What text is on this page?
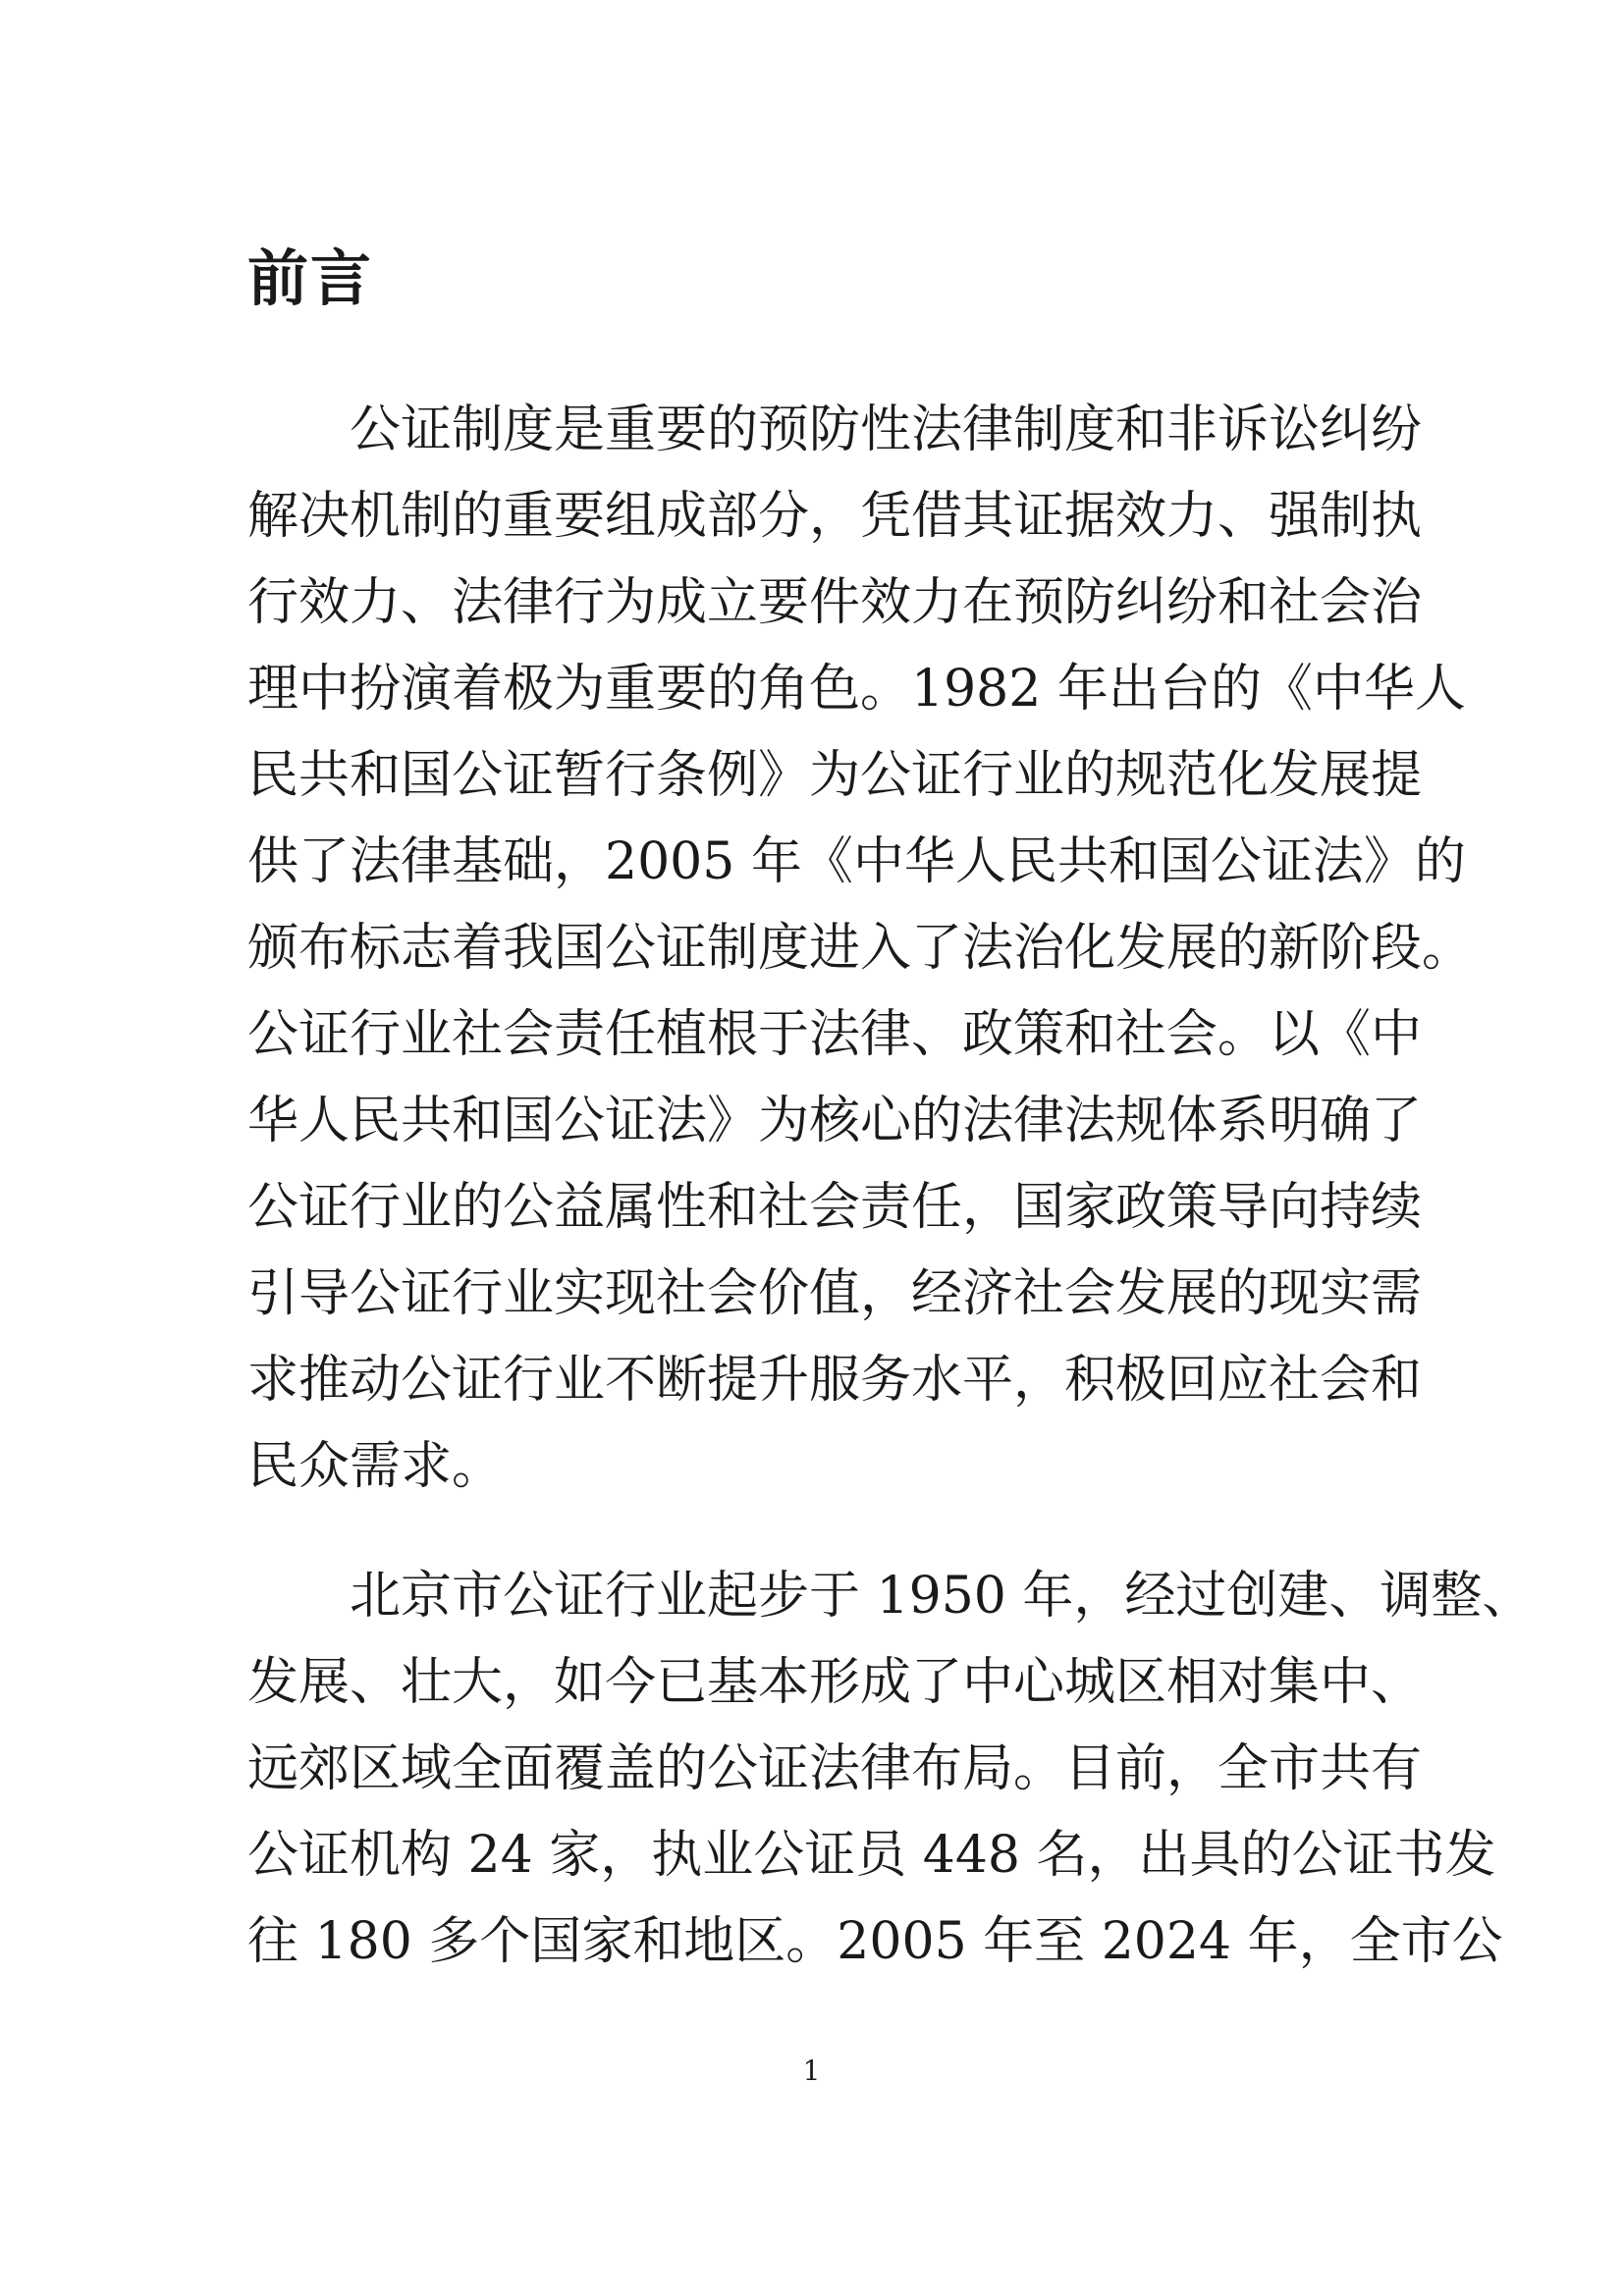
前言

公证制度是重要的预防性法律制度和非诉讼纠纷

解决机制的重要组成部分，凭借其证据效力、强制执

行效力、法律行为成立要件效力在预防纠纷和社会治

理中扮演着极为重要的角色。1982 年出台的《中华人

民共和国公证暂行条例》为公证行业的规范化发展提

供了法律基础，2005 年《中华人民共和国公证法》的

颁布标志着我国公证制度进入了法治化发展的新阶段。

公证行业社会责任植根于法律、政策和社会。以《中

华人民共和国公证法》为核心的法律法规体系明确了

公证行业的公益属性和社会责任，国家政策导向持续

引导公证行业实现社会价值，经济社会发展的现实需

求推动公证行业不断提升服务水平，积极回应社会和

民众需求。

北京市公证行业起步于 1950 年，经过创建、调整、

发展、壮大，如今已基本形成了中心城区相对集中、

远郊区域全面覆盖的公证法律布局。目前，全市共有

公证机构 24 家，执业公证员 448 名，出具的公证书发

往 180 多个国家和地区。2005 年至 2024 年，全市公

1
